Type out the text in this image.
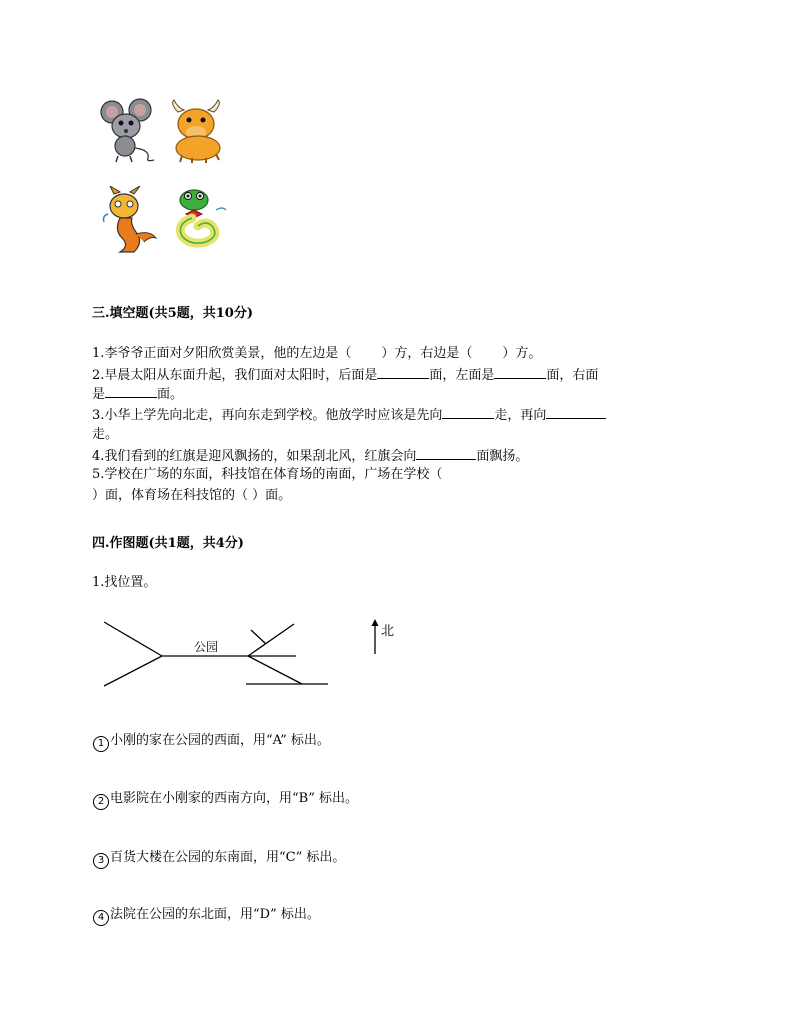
三.填空题(共5题，共10分)
1.李爷爷正面对夕阳欣赏美景，他的左边是（ ）方，右边是（ ）方。
2.早晨太阳从东面升起，我们面对太阳时，后面是	面，左面是	面，右面
是	面。
3.小华上学先向北走，再向东走到学校。他放学时应该是先向	走，再向
走。
4.我们看到的红旗是迎风飘扬的，如果刮北风，红旗会向	面飘扬。
5.学校在广场的东面，科技馆在体育场的南面，广场在学校（
）面，体育场在科技馆的（ ）面。
四.作图题(共1题，共4分)
1.找位置。
公园
北
1 小刚的家在公园的西面，用“A” 标出。
2 电影院在小刚家的西南方向，用“B” 标出。
3 百货大楼在公园的东南面，用“C” 标出。
4 法院在公园的东北面，用“D” 标出。
